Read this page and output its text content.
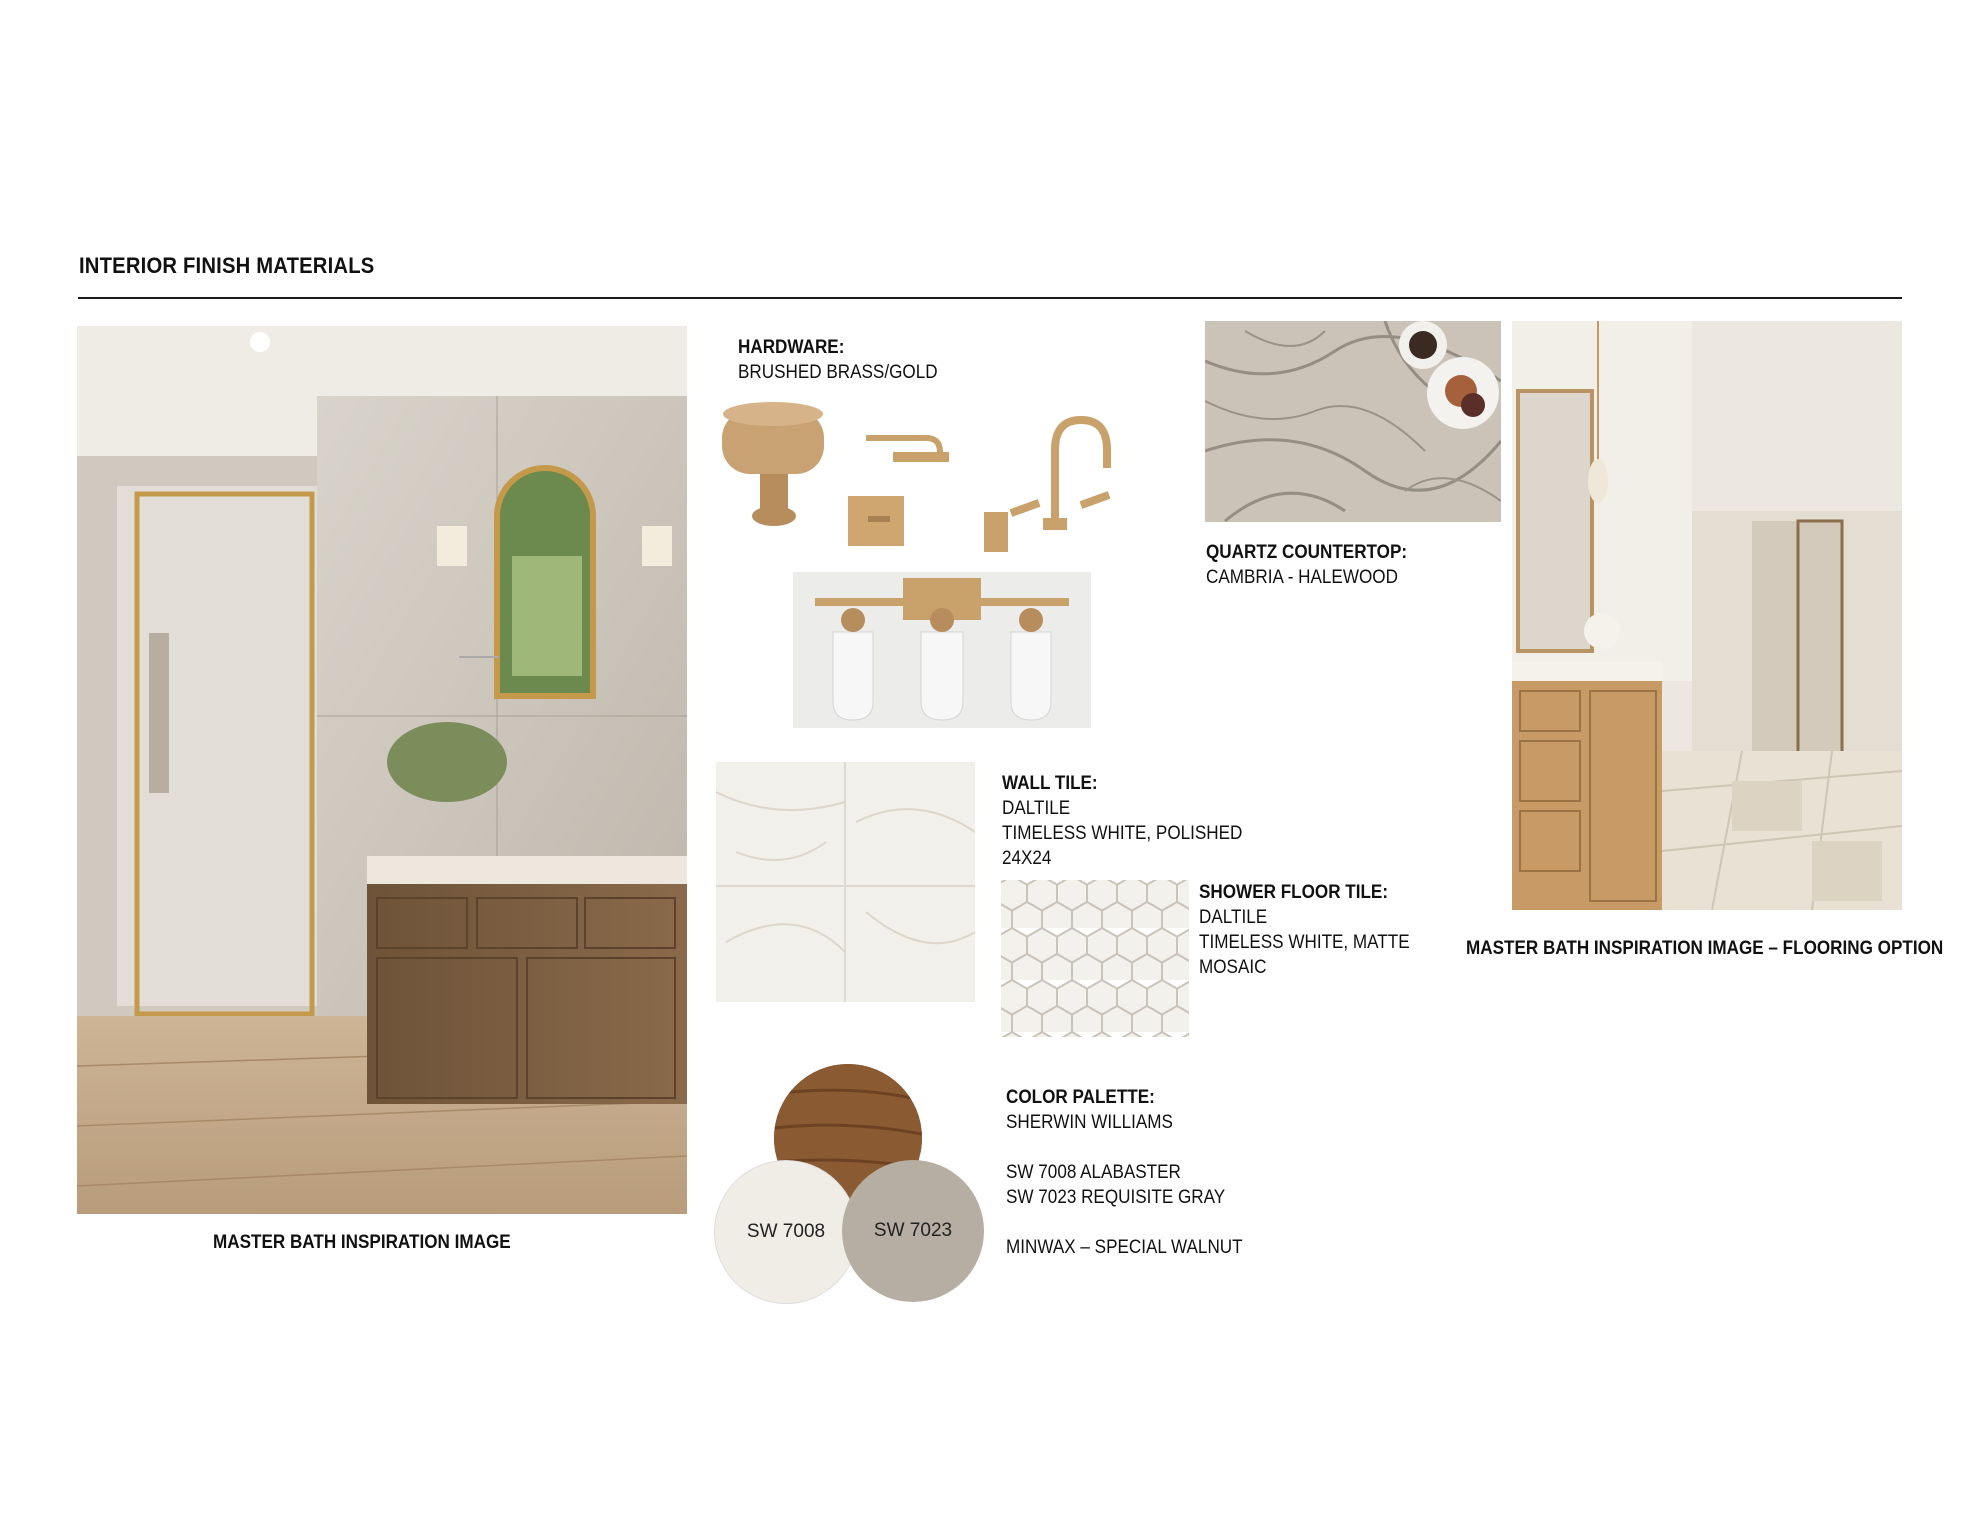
INTERIOR FINISH MATERIALS
MASTER BATH INSPIRATION IMAGE
HARDWARE:
BRUSHED BRASS/GOLD
QUARTZ COUNTERTOP:
CAMBRIA - HALEWOOD
MASTER BATH INSPIRATION IMAGE – FLOORING OPTION
WALL TILE:
DALTILE
TIMELESS WHITE, POLISHED
24X24
SHOWER FLOOR TILE:
DALTILE
TIMELESS WHITE, MATTE
MOSAIC
SW 7008	SW 7023
COLOR PALETTE:
SHERWIN WILLIAMS
SW 7008 ALABASTER
SW 7023 REQUISITE GRAY
MINWAX – SPECIAL WALNUT
